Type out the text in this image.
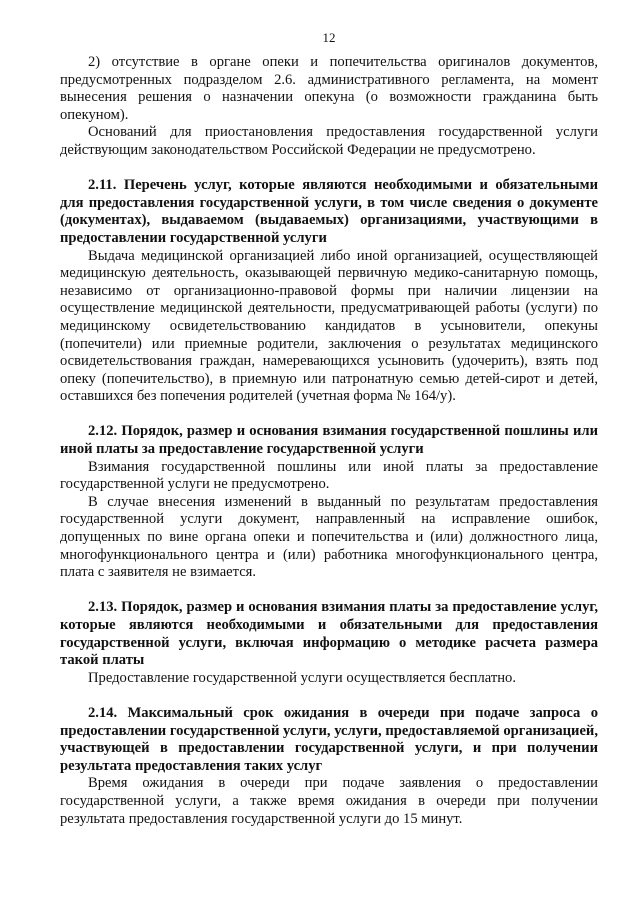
12

2) отсутствие в органе опеки и попечительства оригиналов документов, предусмотренных подразделом 2.6. административного регламента, на момент вынесения решения о назначении опекуна (о возможности гражданина быть опекуном).

Оснований для приостановления предоставления государственной услуги действующим законодательством Российской Федерации не предусмотрено.

2.11. Перечень услуг, которые являются необходимыми и обязательными для предоставления государственной услуги, в том числе сведения о документе (документах), выдаваемом (выдаваемых) организациями, участвующими в предоставлении государственной услуги

Выдача медицинской организацией либо иной организацией, осуществляющей медицинскую деятельность, оказывающей первичную медико-санитарную помощь, независимо от организационно-правовой формы при наличии лицензии на осуществление медицинской деятельности, предусматривающей работы (услуги) по медицинскому освидетельствованию кандидатов в усыновители, опекуны (попечители) или приемные родители, заключения о результатах медицинского освидетельствования граждан, намеревающихся усыновить (удочерить), взять под опеку (попечительство), в приемную или патронатную семью детей-сирот и детей, оставшихся без попечения родителей (учетная форма № 164/у).

2.12. Порядок, размер и основания взимания государственной пошлины или иной платы за предоставление государственной услуги

Взимания государственной пошлины или иной платы за предоставление государственной услуги не предусмотрено.

В случае внесения изменений в выданный по результатам предоставления государственной услуги документ, направленный на исправление ошибок, допущенных по вине органа опеки и попечительства и (или) должностного лица, многофункционального центра и (или) работника многофункционального центра, плата с заявителя не взимается.

2.13. Порядок, размер и основания взимания платы за предоставление услуг, которые являются необходимыми и обязательными для предоставления государственной услуги, включая информацию о методике расчета размера такой платы

Предоставление государственной услуги осуществляется бесплатно.

2.14. Максимальный срок ожидания в очереди при подаче запроса о предоставлении государственной услуги, услуги, предоставляемой организацией, участвующей в предоставлении государственной услуги, и при получении результата предоставления таких услуг

Время ожидания в очереди при подаче заявления о предоставлении государственной услуги, а также время ожидания в очереди при получении результата предоставления государственной услуги до 15 минут.
